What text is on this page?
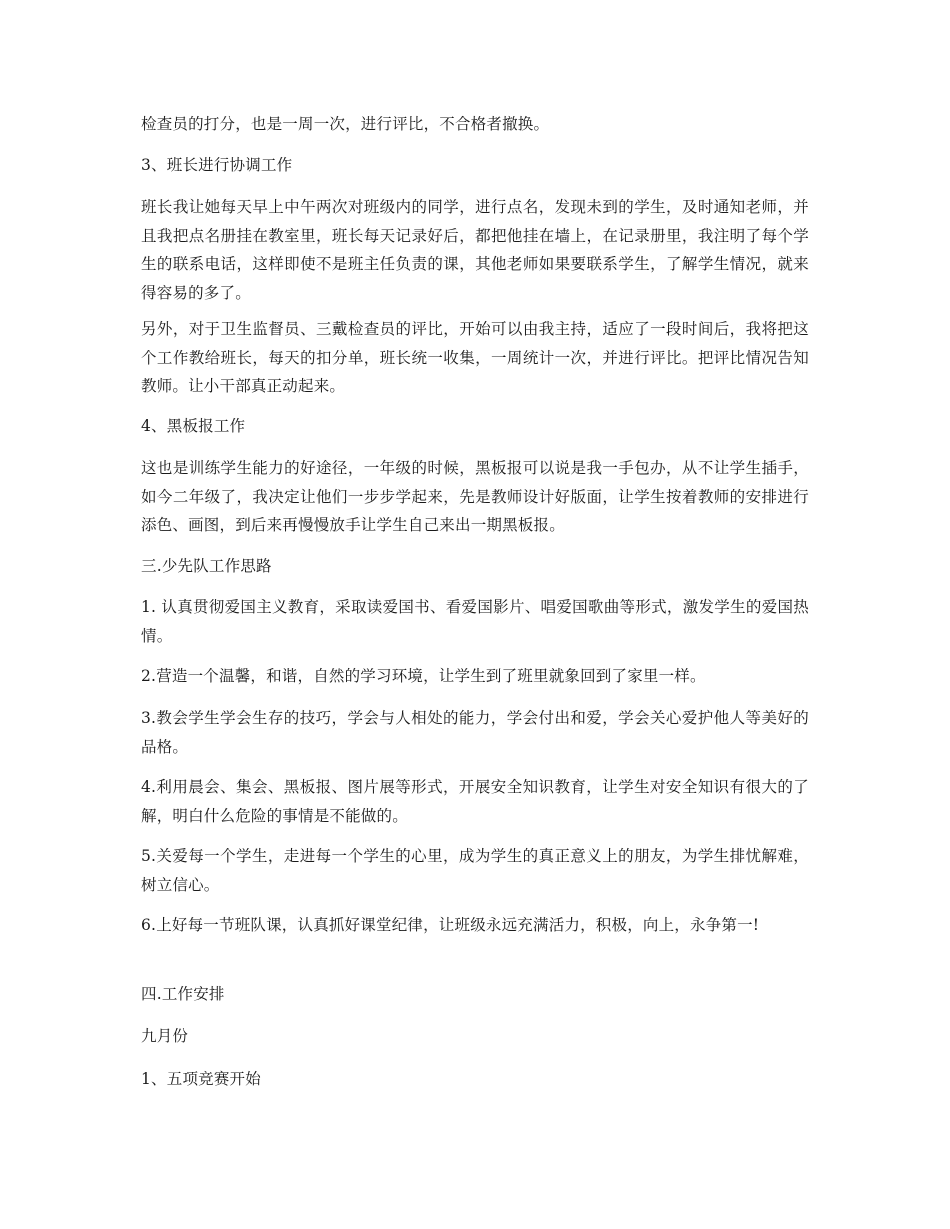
检查员的打分，也是一周一次，进行评比，不合格者撤换。

3、班长进行协调工作

班长我让她每天早上中午两次对班级内的同学，进行点名，发现未到的学生，及时通知老师，并且我把点名册挂在教室里，班长每天记录好后，都把他挂在墙上，在记录册里，我注明了每个学生的联系电话，这样即使不是班主任负责的课，其他老师如果要联系学生，了解学生情况，就来得容易的多了。

另外，对于卫生监督员、三戴检查员的评比，开始可以由我主持，适应了一段时间后，我将把这个工作教给班长，每天的扣分单，班长统一收集，一周统计一次，并进行评比。把评比情况告知教师。让小干部真正动起来。

4、黑板报工作

这也是训练学生能力的好途径，一年级的时候，黑板报可以说是我一手包办，从不让学生插手，如今二年级了，我决定让他们一步步学起来，先是教师设计好版面，让学生按着教师的安排进行添色、画图，到后来再慢慢放手让学生自己来出一期黑板报。

三.少先队工作思路

1. 认真贯彻爱国主义教育，采取读爱国书、看爱国影片、唱爱国歌曲等形式，激发学生的爱国热情。

2.营造一个温馨，和谐，自然的学习环境，让学生到了班里就象回到了家里一样。

3.教会学生学会生存的技巧，学会与人相处的能力，学会付出和爱，学会关心爱护他人等美好的品格。

4.利用晨会、集会、黑板报、图片展等形式，开展安全知识教育，让学生对安全知识有很大的了解，明白什么危险的事情是不能做的。

5.关爱每一个学生，走进每一个学生的心里，成为学生的真正意义上的朋友，为学生排忧解难，树立信心。

6.上好每一节班队课，认真抓好课堂纪律，让班级永远充满活力，积极，向上，永争第一!

四.工作安排

九月份

1、五项竞赛开始
